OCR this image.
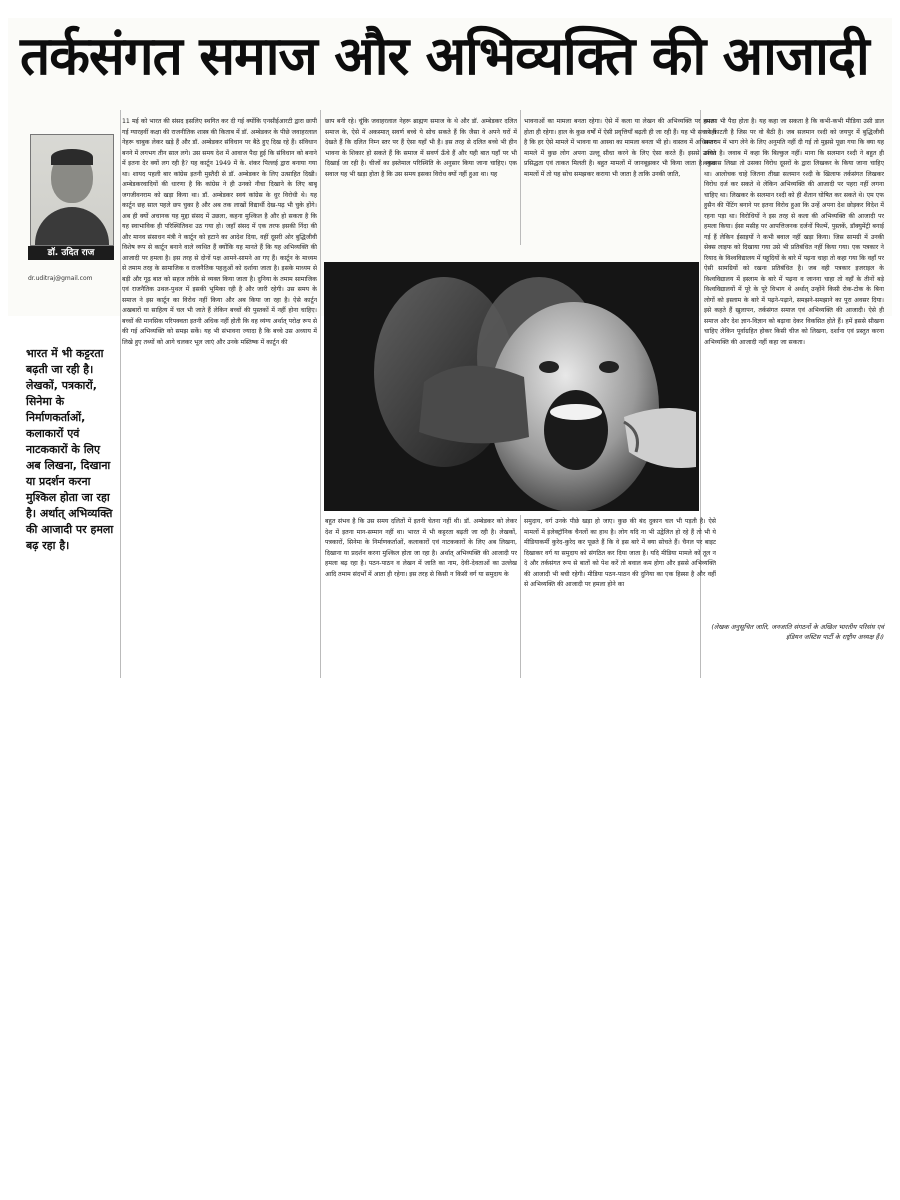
तर्कसंगत समाज और अभिव्यक्ति की आजादी
डॉ. उदित राज
dr.uditraj@gmail.com
भारत में भी कट्टरता बढ़ती जा रही है। लेखकों, पत्रकारों, सिनेमा के निर्माणकर्ताओं, कलाकारों एवं नाटककारों के लिए अब लिखना, दिखाना या प्रदर्शन करना मुश्किल होता जा रहा है। अर्थात् अभिव्यक्ति की आजादी पर हमला बढ़ रहा है।

11 मई को भारत की संसद इसलिए स्थगित कर दी गई क्योंकि एनसीईआरटी द्वारा छापी गई ग्यारहवीं कक्षा की राजनीतिक शास्त्र की किताब में डॉ. अम्बेडकर के पीछे जवाहरलाल नेहरू चाबुक लेकर खड़े हैं और डॉ. अम्बेडकर संविधान पर बैठे हुए दिख रहे हैं। संविधान बनने में लगभग तीन साल लगे। उस समय देश में आवाज पैदा हुई कि संविधान को बनाने में इतना देर क्यों लग रही है? यह कार्टून 1949 में के. शंकर पिल्लई द्वारा बनाया गया था। शायद पहली बार कांग्रेस इतनी मुस्तैदी से डॉ. अम्बेडकर के लिए उत्साहित दिखी। अम्बेडकरवादियों की धारणा है कि कांग्रेस ने ही उनको नीचा दिखाने के लिए बाबू जगजीवनराम को खड़ा किया था। डॉ. अम्बेडकर स्वयं कांग्रेस के धुर विरोधी थे। यह कार्टून छह साल पहले छप चुका है और अब तक लाखों विद्यार्थी देख-पढ़ भी चुके होंगे। अब ही क्यों अचानक यह मुद्दा संसद में उछला, कहना मुश्किल है और हो सकता है कि यह स्वाभाविक ही परिस्थितिवश उठ गया हो। जहाँ संसद में एक तरफ इसकी निंदा की और मानव संसाधन मंत्री ने कार्टून को हटाने का आदेश दिया, वहीं दूसरी ओर बुद्धिजीवी विशेष रूप से कार्टून बनाने वाले व्यथित हैं क्योंकि यह मानते हैं कि यह अभिव्यक्ति की आजादी पर हमला है। इस तरह से दोनों पक्ष आमने-सामने आ गए हैं। कार्टून के माध्यम से तमाम तरह के सामाजिक व राजनैतिक पहलुओं को दर्शाया जाता है। इसके माध्यम से बड़ी और गूढ़ बात को सहज तरीके से व्यक्त किया जाता है। दुनिया के तमाम सामाजिक एवं राजनैतिक उथल-पुथल में इसकी भूमिका रही है और जारी रहेगी। उस समय के समाज ने इस कार्टून का विरोध नहीं किया और अब किया जा रहा है। ऐसे कार्टून अखबारों या साहित्य में चल भी जाते हैं लेकिन बच्चों की पुस्तकों में नहीं होना चाहिए। बच्चों की मानसिक परिपक्वता इतनी अधिक नहीं होती कि वह व्यंग्य अर्थात् परोक्ष रूप से की गई अभिव्यक्ति को समझ सकें। यह भी संभावना ज्यादा है कि बच्चे उस अध्याय में लिखे हुए तथ्यों को आगे चलकर भूल जाएं और उनके मस्तिष्क में कार्टून की

छाप बनी रहे। चूंकि जवाहरलाल नेहरू ब्राह्मण समाज के थे और डॉ. अम्बेडकर दलित समाज के, ऐसे में अकस्मात् सवर्ण बच्चे ये सोच सकते हैं कि जैसा वे अपने घरों में देखते हैं कि दलित निम्न स्तर पर हैं ऐसा यहाँ भी है। इस तरह से दलित बच्चे भी हीन भावना के शिकार हो सकते हैं कि समाज में सवर्ण ऊँचे हैं और यही बात यहाँ पर भी दिखाई जा रही है। चीजों का इस्तेमाल परिस्थिति के अनुसार किया जाना चाहिए। एक सवाल यह भी खड़ा होता है कि उस समय इसका विरोध क्यों नहीं हुआ था। यह

भावनाओं का मामला बनता रहेगा। ऐसे में कला या लेखन की अभिव्यक्ति पर हमला होता ही रहेगा। हाल के कुछ वर्षों में ऐसी प्रवृत्तियाँ बढ़ती ही जा रही हैं। यह भी सच नहीं है कि हर ऐसे मामले में भावना या आस्था का मामला बनता भी हो। वास्तव में अधिकतर मामले में कुछ लोग अपना उल्लू सीधा करने के लिए ऐसा करते हैं। इससे उनको प्रसिद्धता एवं ताकत मिलती है। बहुत मामलों में जानबूझकर भी किया जाता है। कुछ मामलों में तो यह सोच समझकर कराया भी जाता है ताकि उनकी जाति,

बहुत संभव है कि उस समय दलितों में इतनी चेतना नहीं थी। डॉ. अम्बेडकर को लेकर देश में इतना मान-सम्मान नहीं था। भारत में भी कट्टरता बढ़ती जा रही है। लेखकों, पत्रकारों, सिनेमा के निर्माणकर्ताओं, कलाकारों एवं नाटककारों के लिए अब लिखना, दिखाना या प्रदर्शन करना मुश्किल होता जा रहा है। अर्थात् अभिव्यक्ति की आजादी पर हमला बढ़ रहा है। पठन-पाठन व लेखन में जाति का नाम, देवी-देवताओं का उल्लेख आदि तमाम संदर्भों में आता ही रहेगा। इस तरह से किसी न किसी वर्ग या समुदाय के

समुदाय, वर्ग उनके पीछे खड़ा हो जाए। कुछ की बंद दुकान चल भी पड़ती है। ऐसे मामलों में इलेक्ट्रॉनिक चैनलों का हाथ है। लोग यदि ना भी उद्वेलित हो रहे हैं तो भी ये मीडियाकर्मी कुरेद-कुरेद कर पूछते हैं कि वे इस बारे में क्या सोचते हैं। चैनल पर बाइट दिखाकर वर्ग या समुदाय को संगठित कर दिया जाता है। यदि मीडिया मामले को तूल न दे और तर्कसंगत रूप से बातों को पेश करें तो बवाल कम होगा और इससे अभिव्यक्ति की आजादी भी बची रहेगी। मीडिया पठन-पाठन की दुनिया का एक हिस्सा है और वहीं से अभिव्यक्ति की आजादी पर हमला होने का

कारण भी पैदा होता है। यह कहा जा सकता है कि कभी-कभी मीडिया उसी डाल को काटती है जिस पर वो बैठी है। जब सलमान रश्दी को जयपुर में बुद्धिजीवी समागम में भाग लेने के लिए अनुमति नहीं दी गई तो मुझसे पूछा गया कि क्या यह उचित है। जवाब में कहा कि बिल्कुल नहीं। माना कि सलमान रश्दी ने बहुत ही बकवास लिखा तो उसका विरोध दूसरों के द्वारा लिखकर के किया जाना चाहिए था। आलोचक चाहे जितना तीखा सलमान रश्दी के खिलाफ तर्कसंगत लिखकर विरोध दर्ज कर सकते थे लेकिन अभिव्यक्ति की आजादी पर पहरा नहीं लगना चाहिए था। लिखकर के सलमान रश्दी को ही शैतान घोषित कर सकते थे। एम एफ हुसैन की पेंटिंग बनाने पर इतना विरोध हुआ कि उन्हें अपना देश छोड़कर विदेश में रहना पड़ा था। विरोधियों ने इस तरह से कला की अभिव्यक्ति की आजादी पर हमला किया। ईसा मसीह पर आपत्तिजनक दर्जनों फिल्में, पुस्तकें, डॉक्युमेंट्री बनाई गई हैं लेकिन ईसाइयों ने कभी बवाल नहीं खड़ा किया। जिस सामग्री में उनकी सेक्स लाइफ को दिखाया गया उसे भी प्रतिबंधित नहीं किया गया। एक पत्रकार ने रियाद के विश्वविद्यालय में यहूदियों के बारे में पढ़ना चाहा तो कहा गया कि वहाँ पर ऐसी सामग्रियों को रखना प्रतिबंधित है। जब वही पत्रकार इजराइल के विश्वविद्यालय में इस्लाम के बारे में पढ़ना व जानना चाहा तो वहाँ के तीनों बड़े विश्वविद्यालयों में पूरे के पूरे विभाग थे अर्थात् उन्होंने किसी रोक-टोक के बिना लोगों को इस्लाम के बारे में पढ़ने-पढ़ाने, समझने-समझाने का पूरा अवसर दिया। इसे कहते हैं खुलापन, तर्कसंगत समाज एवं अभिव्यक्ति की आजादी। ऐसे ही समाज और देश ज्ञान-विज्ञान को बढ़ावा देकर विकसित होते हैं। हमें इससे सीखना चाहिए लेकिन पूर्वाग्रहित होकर किसी चीज को लिखना, दर्शाना एवं प्रस्तुत करना अभिव्यक्ति की आजादी नहीं कहा जा सकता।

(लेखक अनुसूचित जाति, जनजाति संगठनों के अखिल भारतीय परिसंघ एवं इंडियन जस्टिस पार्टी के राष्ट्रीय अध्यक्ष हैं।)
